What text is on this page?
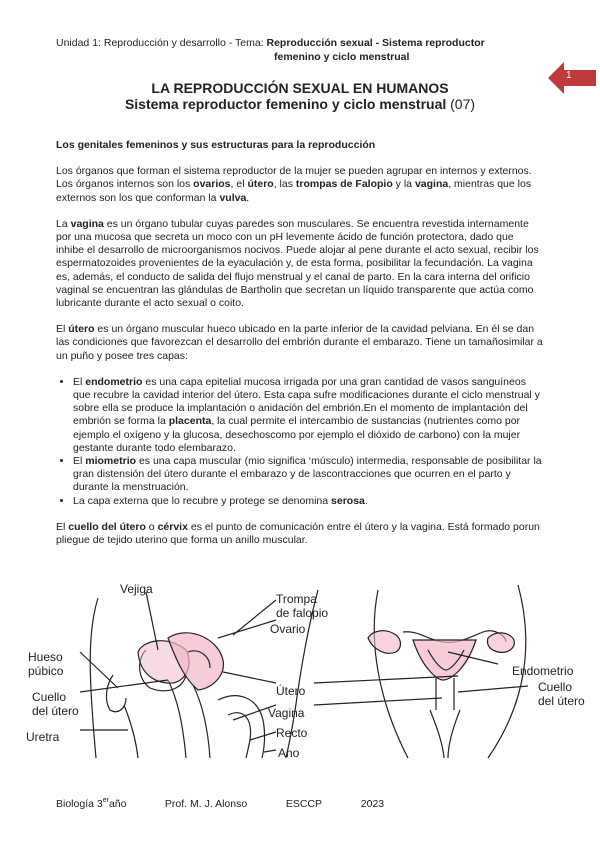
Unidad 1: Reproducción y desarrollo - Tema: Reproducción sexual - Sistema reproductor
femenino y ciclo menstrual
1
LA REPRODUCCIÓN SEXUAL EN HUMANOS
Sistema reproductor femenino y ciclo menstrual (07)
Los genitales femeninos y sus estructuras para la reproducción

Los órganos que forman el sistema reproductor de la mujer se pueden agrupar en internos y externos. Los órganos internos son los ovarios, el útero, las trompas de Falopio y la vagina, mientras que los externos son los que conforman la vulva.

La vagina es un órgano tubular cuyas paredes son musculares. Se encuentra revestida internamente por una mucosa que secreta un moco con un pH levemente ácido de función protectora, dado que inhibe el desarrollo de microorganismos nocivos. Puede alojar al pene durante el acto sexual, recibir los espermatozoides provenientes de la eyaculación y, de esta forma, posibilitar la fecundación. La vagina es, además, el conducto de salida del flujo menstrual y el canal de parto. En la cara interna del orificio vaginal se encuentran las glándulas de Bartholin que secretan un líquido transparente que actúa como lubricante durante el acto sexual o coito.

El útero es un órgano muscular hueco ubicado en la parte inferior de la cavidad pelviana. En él se dan las condiciones que favorezcan el desarrollo del embrión durante el embarazo. Tiene un tamañosimilar a un puño y posee tres capas:

• El endometrio es una capa epitelial mucosa irrigada por una gran cantidad de vasos sanguíneos que recubre la cavidad interior del útero. Esta capa sufre modificaciones durante el ciclo menstrual y sobre ella se produce la implantación o anidación del embrión.En el momento de implantación del embrión se forma la placenta, la cual permite el intercambio de sustancias (nutrientes como por ejemplo el oxígeno y la glucosa, desechoscomo por ejemplo el dióxido de carbono) con la mujer gestante durante todo elembarazo.
• El miometrio es una capa muscular (mio significa ‘músculo) intermedia, responsable de posibilitar la gran distensión del útero durante el embarazo y de lascontracciones que ocurren en el parto y durante la menstruación.
• La capa externa que lo recubre y protege se denomina serosa.

El cuello del útero o cérvix es el punto de comunicación entre el útero y la vagina. Está formado porun pliegue de tejido uterino que forma un anillo muscular.

Vejiga
Trompa
de falopio
Ovario
Hueso
púbico
Cuello
del útero
Uretra
Útero
Vagina
Recto
Ano
Endometrio
Cuello
del útero
Biología 3eraño	Prof. M. J. Alonso	ESCCP	2023
